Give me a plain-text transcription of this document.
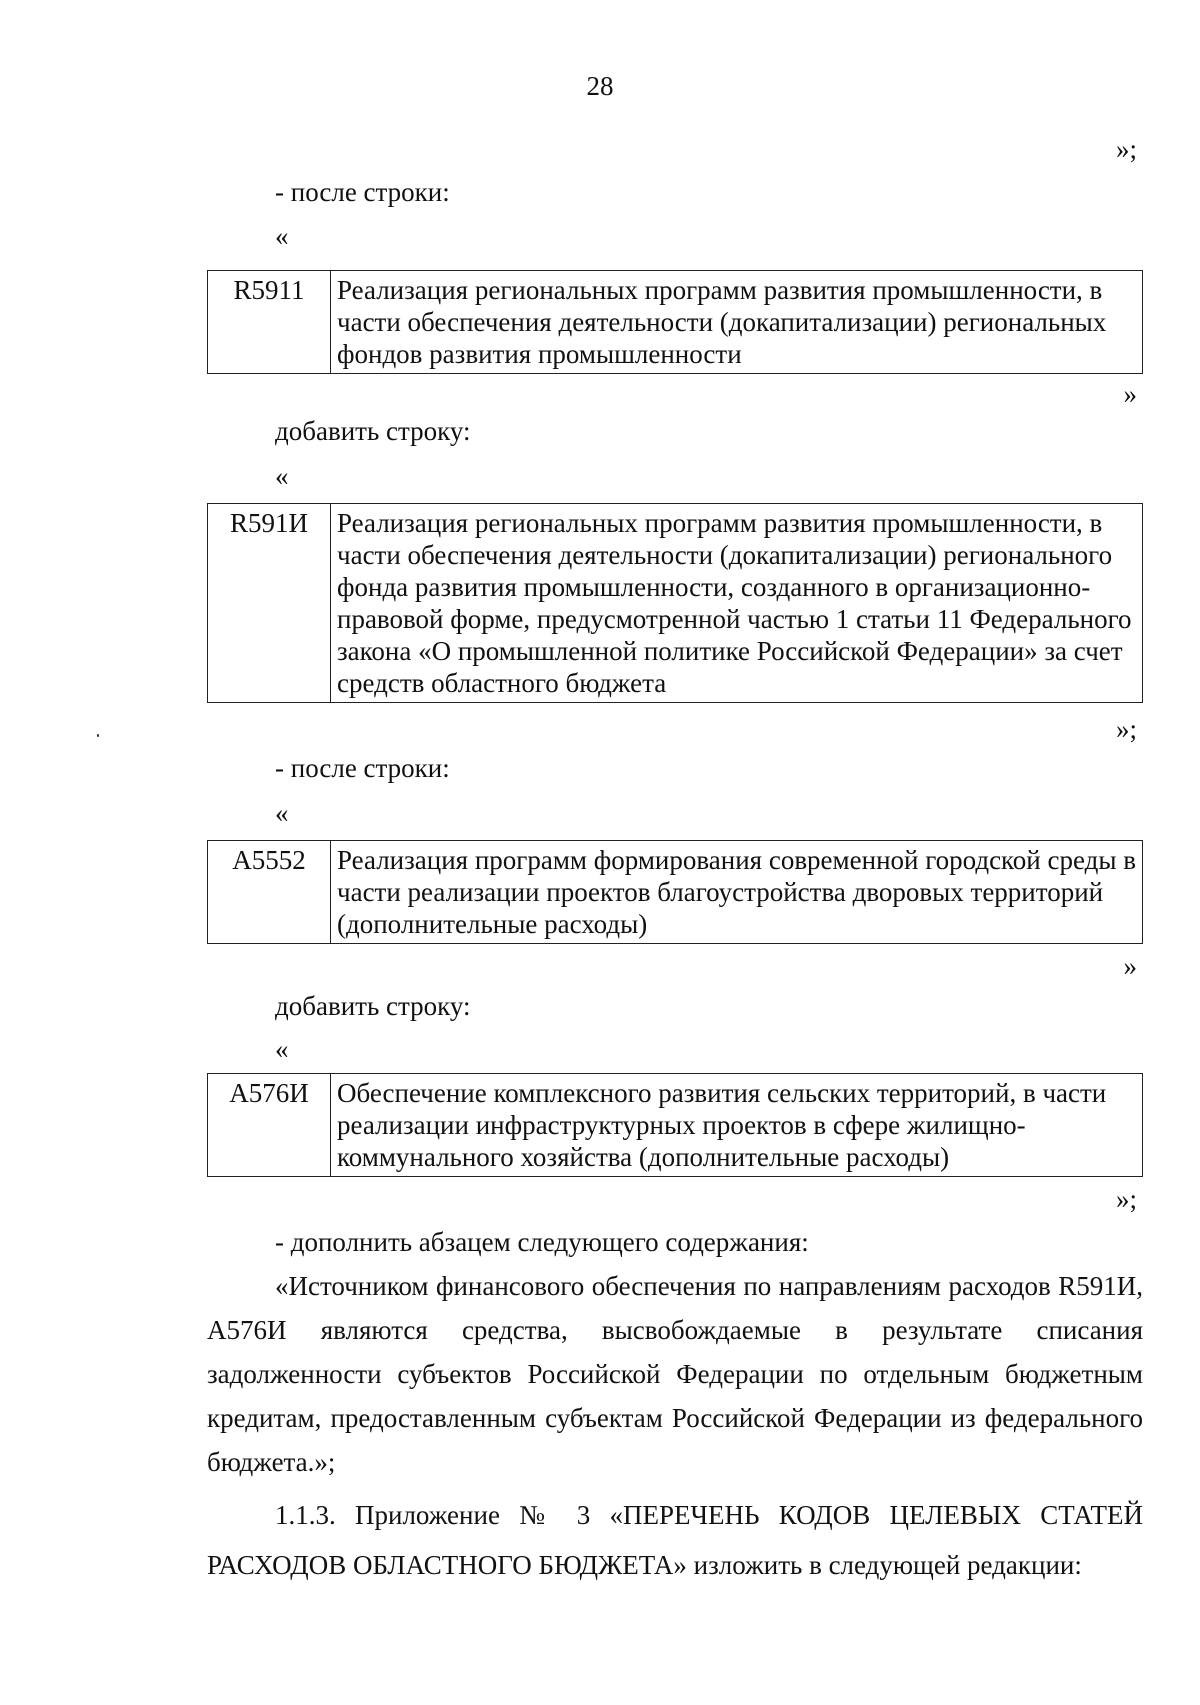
28
»;
- после строки:
«
R5911	Реализация региональных программ развития промышленности, в части обеспечения деятельности (докапитализации) региональных фондов развития промышленности
»
добавить строку:
«
R591И	Реализация региональных программ развития промышленности, в части обеспечения деятельности (докапитализации) регионального фонда развития промышленности, созданного в организационно-правовой форме, предусмотренной частью 1 статьи 11 Федерального закона «О промышленной политике Российской Федерации» за счет средств областного бюджета
»;
- после строки:
«
A5552	Реализация программ формирования современной городской среды в части реализации проектов благоустройства дворовых территорий (дополнительные расходы)
»
добавить строку:
«
A576И	Обеспечение комплексного развития сельских территорий, в части реализации инфраструктурных проектов в сфере жилищно-коммунального хозяйства (дополнительные расходы)
»;
- дополнить абзацем следующего содержания:
«Источником финансового обеспечения по направлениям расходов R591И, A576И являются средства, высвобождаемые в результате списания задолженности субъектов Российской Федерации по отдельным бюджетным кредитам, предоставленным субъектам Российской Федерации из федерального бюджета.»;
1.1.3. Приложение № 3 «ПЕРЕЧЕНЬ КОДОВ ЦЕЛЕВЫХ СТАТЕЙ РАСХОДОВ ОБЛАСТНОГО БЮДЖЕТА» изложить в следующей редакции:
